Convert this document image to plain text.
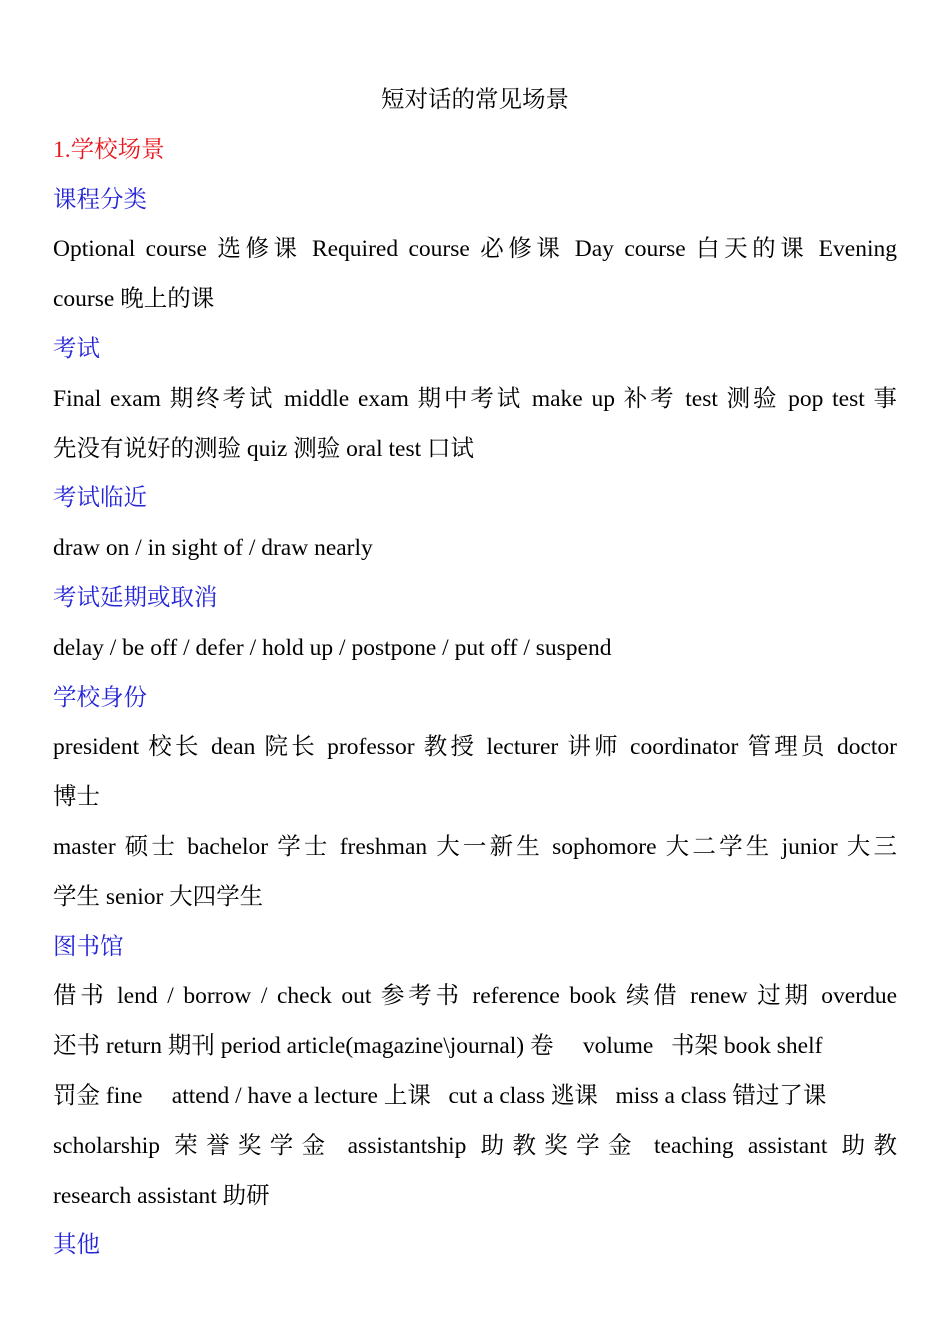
短对话的常见场景
1.学校场景
课程分类
Optional course 选修课 Required course 必修课 Day course 白天的课 Evening
course 晚上的课
考试
Final exam 期终考试 middle exam 期中考试 make up 补考 test 测验 pop test 事
先没有说好的测验 quiz 测验 oral test 口试
考试临近
draw on / in sight of / draw nearly
考试延期或取消
delay / be off / defer / hold up / postpone / put off / suspend
学校身份
president 校长 dean 院长 professor 教授 lecturer 讲师 coordinator 管理员 doctor
博士
master 硕士 bachelor 学士 freshman 大一新生 sophomore 大二学生 junior 大三
学生 senior 大四学生
图书馆
借书 lend / borrow / check out 参考书 reference book 续借 renew 过期 overdue
还书 return 期刊 period article(magazine\journal) 卷     volume   书架 book shelf
罚金 fine     attend / have a lecture 上课   cut a class 逃课   miss a class 错过了课
scholarship 荣誉奖学金 assistantship 助教奖学金 teaching assistant 助教
research assistant 助研
其他
